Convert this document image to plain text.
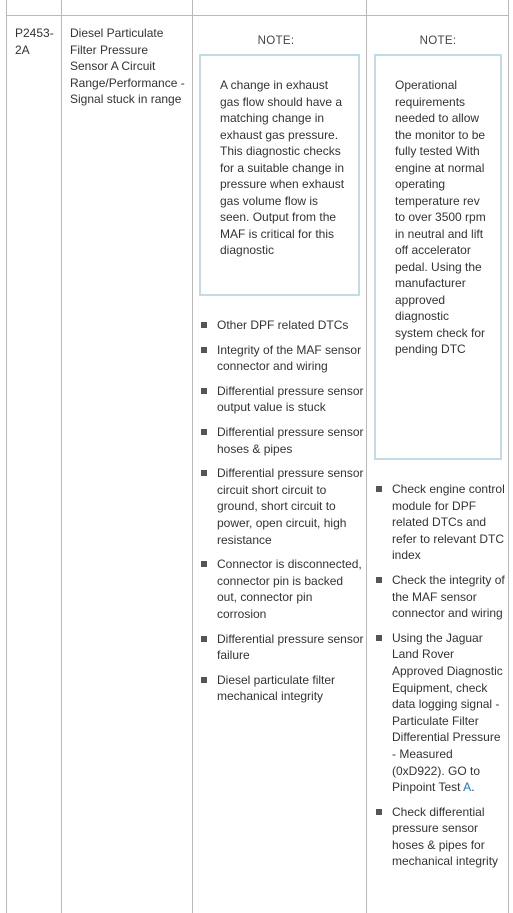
P2453-
2A
Diesel Particulate Filter Pressure Sensor A Circuit Range/Performance - Signal stuck in range
NOTE:
A change in exhaust gas flow should have a matching change in exhaust gas pressure. This diagnostic checks for a suitable change in pressure when exhaust gas volume flow is seen. Output from the MAF is critical for this diagnostic
Other DPF related DTCs
Integrity of the MAF sensor connector and wiring
Differential pressure sensor output value is stuck
Differential pressure sensor hoses & pipes
Differential pressure sensor circuit short circuit to ground, short circuit to power, open circuit, high resistance
Connector is disconnected, connector pin is backed out, connector pin corrosion
Differential pressure sensor failure
Diesel particulate filter mechanical integrity
NOTE:
Operational requirements needed to allow the monitor to be fully tested With engine at normal operating temperature rev to over 3500 rpm in neutral and lift off accelerator pedal. Using the manufacturer approved diagnostic system check for pending DTC
Check engine control module for DPF related DTCs and refer to relevant DTC index
Check the integrity of the MAF sensor connector and wiring
Using the Jaguar Land Rover Approved Diagnostic Equipment, check data logging signal - Particulate Filter Differential Pressure - Measured (0xD922). GO to Pinpoint Test A.
Check differential pressure sensor hoses & pipes for mechanical integrity
